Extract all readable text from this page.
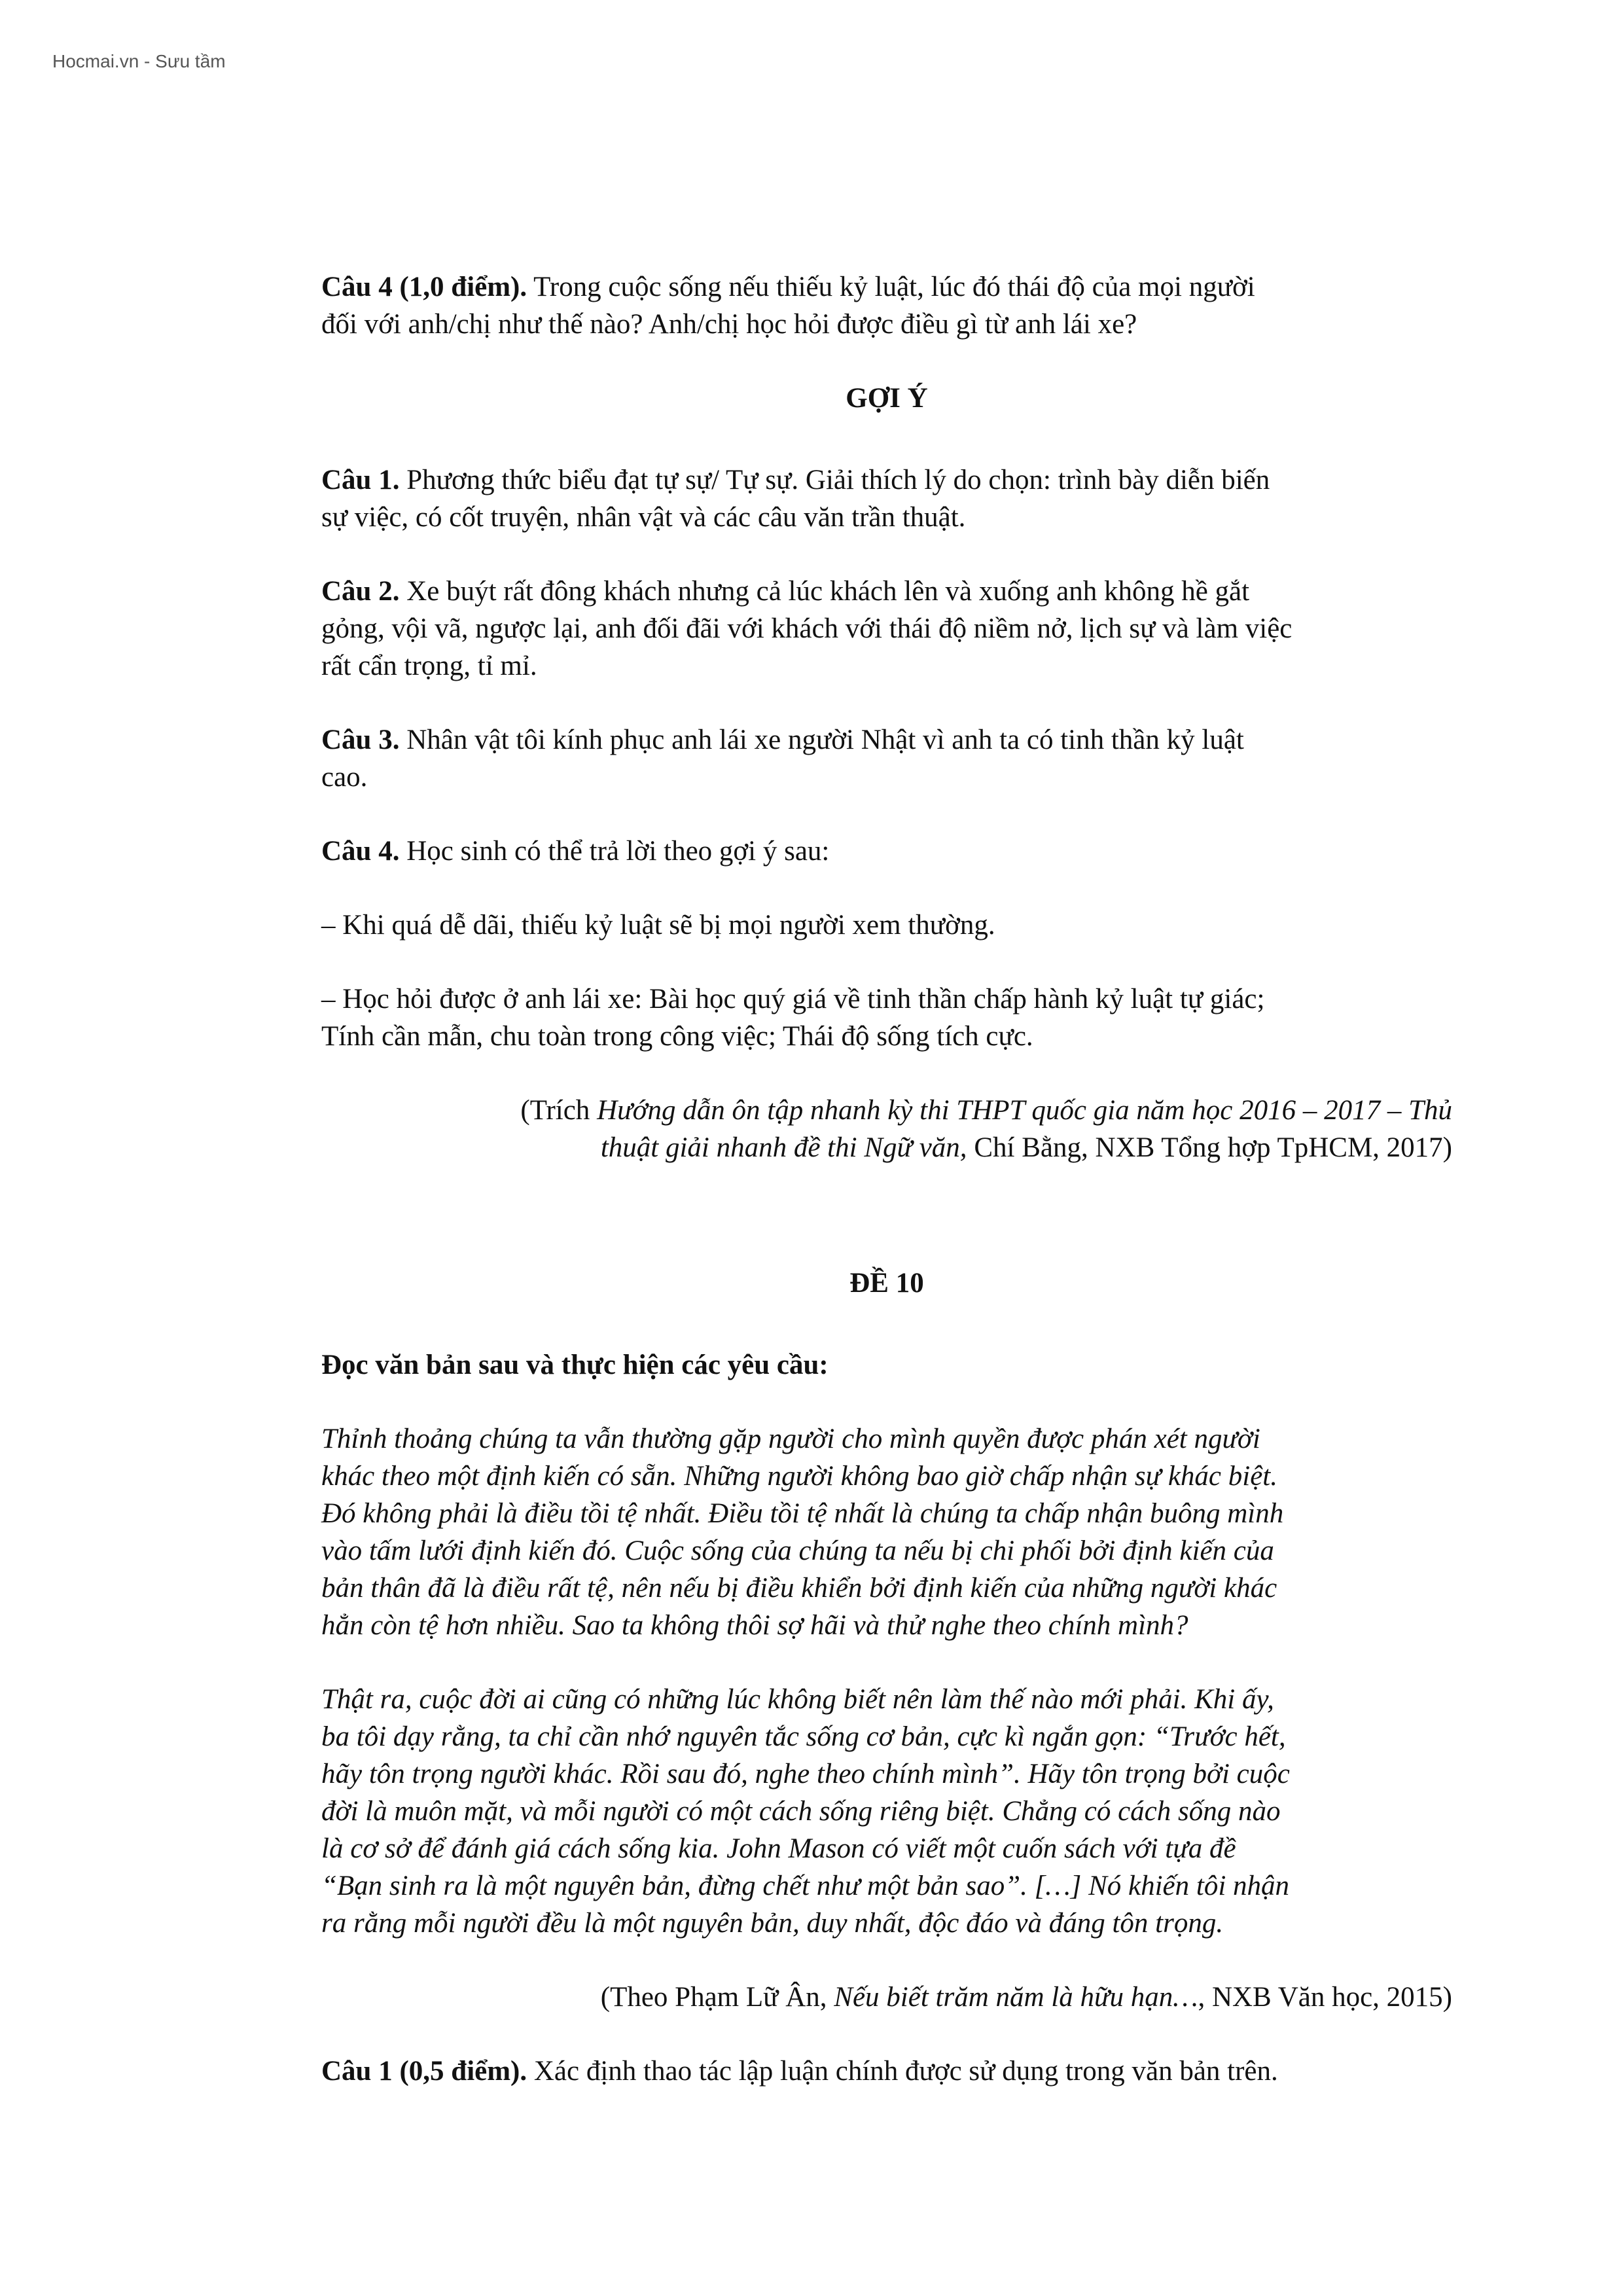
Hocmai.vn - Sưu tầm
Câu 4 (1,0 điểm). Trong cuộc sống nếu thiếu kỷ luật, lúc đó thái độ của mọi người
đối với anh/chị như thế nào? Anh/chị học hỏi được điều gì từ anh lái xe?
GỢI Ý
Câu 1. Phương thức biểu đạt tự sự/ Tự sự. Giải thích lý do chọn: trình bày diễn biến
sự việc, có cốt truyện, nhân vật và các câu văn trần thuật.
Câu 2. Xe buýt rất đông khách nhưng cả lúc khách lên và xuống anh không hề gắt
gỏng, vội vã, ngược lại, anh đối đãi với khách với thái độ niềm nở, lịch sự và làm việc
rất cẩn trọng, tỉ mỉ.
Câu 3. Nhân vật tôi kính phục anh lái xe người Nhật vì anh ta có tinh thần kỷ luật
cao.
Câu 4. Học sinh có thể trả lời theo gợi ý sau:
– Khi quá dễ dãi, thiếu kỷ luật sẽ bị mọi người xem thường.
– Học hỏi được ở anh lái xe: Bài học quý giá về tinh thần chấp hành kỷ luật tự giác;
Tính cần mẫn, chu toàn trong công việc; Thái độ sống tích cực.
(Trích Hướng dẫn ôn tập nhanh kỳ thi THPT quốc gia năm học 2016 – 2017 – Thủ
thuật giải nhanh đề thi Ngữ văn, Chí Bằng, NXB Tổng hợp TpHCM, 2017)
ĐỀ 10
Đọc văn bản sau và thực hiện các yêu cầu:
Thỉnh thoảng chúng ta vẫn thường gặp người cho mình quyền được phán xét người
khác theo một định kiến có sẵn. Những người không bao giờ chấp nhận sự khác biệt.
Đó không phải là điều tồi tệ nhất. Điều tồi tệ nhất là chúng ta chấp nhận buông mình
vào tấm lưới định kiến đó. Cuộc sống của chúng ta nếu bị chi phối bởi định kiến của
bản thân đã là điều rất tệ, nên nếu bị điều khiển bởi định kiến của những người khác
hẳn còn tệ hơn nhiều. Sao ta không thôi sợ hãi và thử nghe theo chính mình?
Thật ra, cuộc đời ai cũng có những lúc không biết nên làm thế nào mới phải. Khi ấy,
ba tôi dạy rằng, ta chỉ cần nhớ nguyên tắc sống cơ bản, cực kì ngắn gọn: “Trước hết,
hãy tôn trọng người khác. Rồi sau đó, nghe theo chính mình”. Hãy tôn trọng bởi cuộc
đời là muôn mặt, và mỗi người có một cách sống riêng biệt. Chẳng có cách sống nào
là cơ sở để đánh giá cách sống kia. John Mason có viết một cuốn sách với tựa đề
“Bạn sinh ra là một nguyên bản, đừng chết như một bản sao”. […] Nó khiến tôi nhận
ra rằng mỗi người đều là một nguyên bản, duy nhất, độc đáo và đáng tôn trọng.
(Theo Phạm Lữ Ân, Nếu biết trăm năm là hữu hạn…, NXB Văn học, 2015)
Câu 1 (0,5 điểm). Xác định thao tác lập luận chính được sử dụng trong văn bản trên.
